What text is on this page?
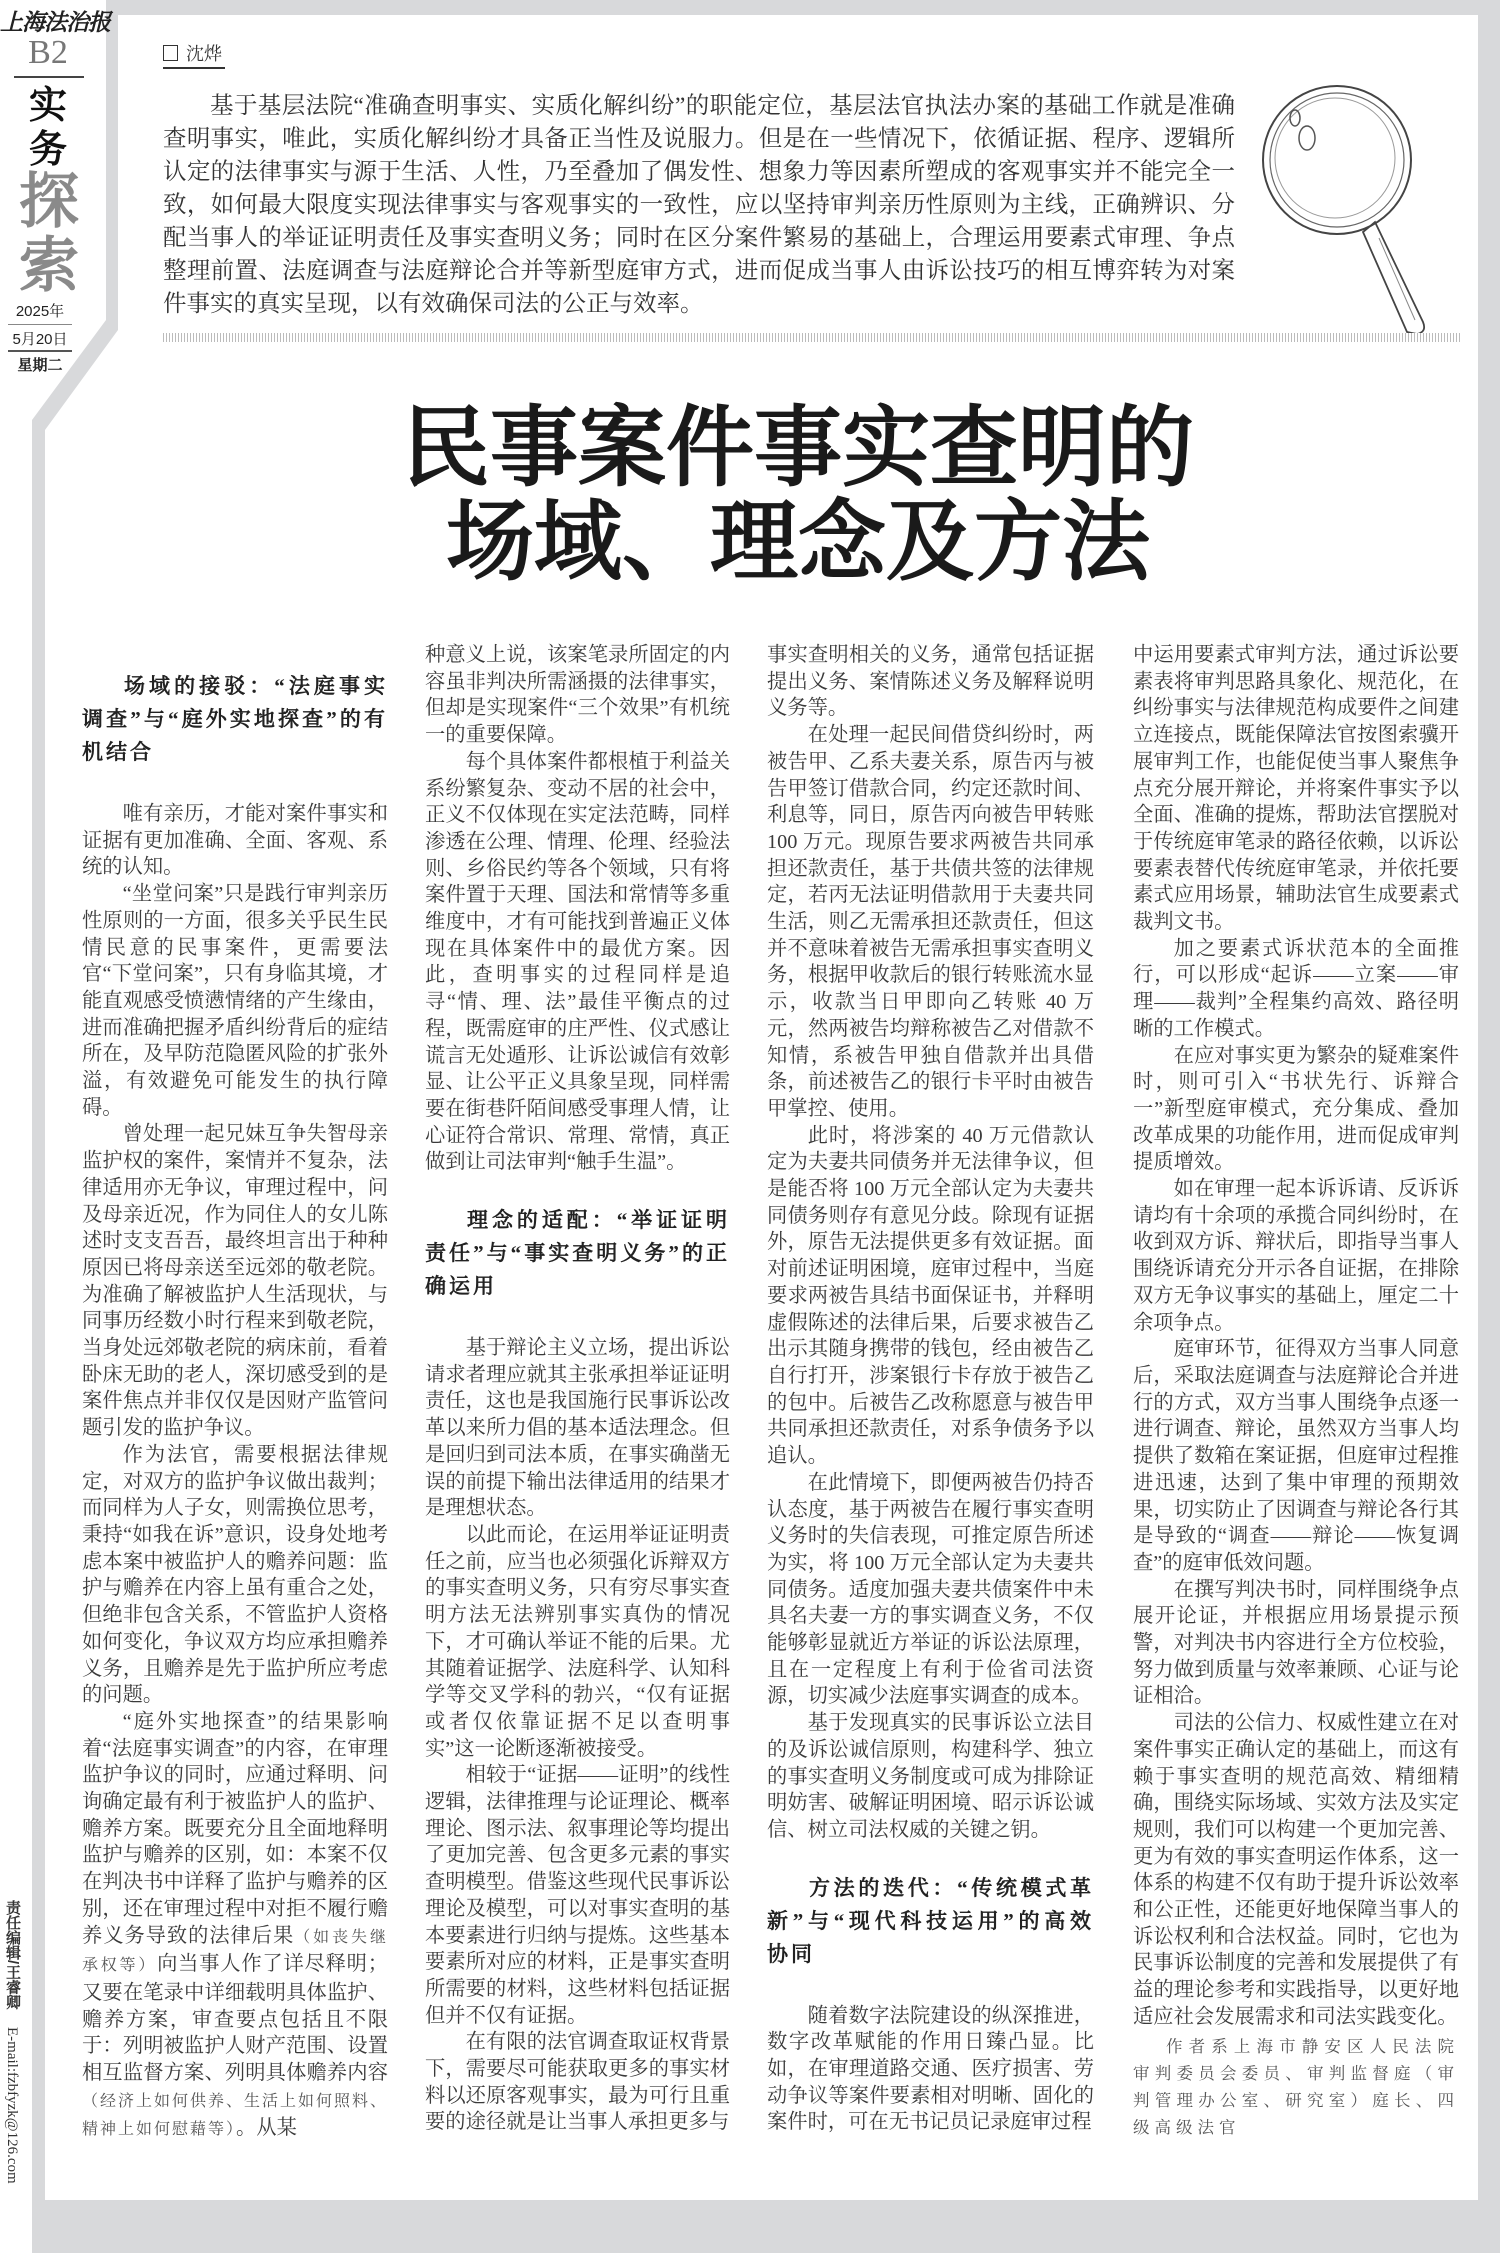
上海法治报
B2
实务
探索
2025年
5月20日
星期二
责任编辑/王睿卿 E-mail:fzbfyzk@126.com
沈烨
基于基层法院“准确查明事实、实质化解纠纷”的职能定位，基层法官执法办案的基础工作就是准确查明事实，唯此，实质化解纠纷才具备正当性及说服力。但是在一些情况下，依循证据、程序、逻辑所认定的法律事实与源于生活、人性，乃至叠加了偶发性、想象力等因素所塑成的客观事实并不能完全一致，如何最大限度实现法律事实与客观事实的一致性，应以坚持审判亲历性原则为主线，正确辨识、分配当事人的举证证明责任及事实查明义务；同时在区分案件繁易的基础上，合理运用要素式审理、争点整理前置、法庭调查与法庭辩论合并等新型庭审方式，进而促成当事人由诉讼技巧的相互博弈转为对案件事实的真实呈现，以有效确保司法的公正与效率。
民事案件事实查明的
场域、理念及方法
场域的接驳：“法庭事实调查”与“庭外实地探查”的有机结合

唯有亲历，才能对案件事实和证据有更加准确、全面、客观、系统的认知。

“坐堂问案”只是践行审判亲历性原则的一方面，很多关乎民生民情民意的民事案件，更需要法官“下堂问案”，只有身临其境，才能直观感受愤懑情绪的产生缘由，进而准确把握矛盾纠纷背后的症结所在，及早防范隐匿风险的扩张外溢，有效避免可能发生的执行障碍。

曾处理一起兄妹互争失智母亲监护权的案件，案情并不复杂，法律适用亦无争议，审理过程中，问及母亲近况，作为同住人的女儿陈述时支支吾吾，最终坦言出于种种原因已将母亲送至远郊的敬老院。为准确了解被监护人生活现状，与同事历经数小时行程来到敬老院，当身处远郊敬老院的病床前，看着卧床无助的老人，深切感受到的是案件焦点并非仅仅是因财产监管问题引发的监护争议。

作为法官，需要根据法律规定，对双方的监护争议做出裁判；而同样为人子女，则需换位思考，秉持“如我在诉”意识，设身处地考虑本案中被监护人的赡养问题：监护与赡养在内容上虽有重合之处，但绝非包含关系，不管监护人资格如何变化，争议双方均应承担赡养义务，且赡养是先于监护所应考虑的问题。

“庭外实地探查”的结果影响着“法庭事实调查”的内容，在审理监护争议的同时，应通过释明、问询确定最有利于被监护人的监护、赡养方案。既要充分且全面地释明监护与赡养的区别，如：本案不仅在判决书中详释了监护与赡养的区别，还在审理过程中对拒不履行赡养义务导致的法律后果（如丧失继承权等）向当事人作了详尽释明；又要在笔录中详细载明具体监护、赡养方案，审查要点包括且不限于：列明被监护人财产范围、设置相互监督方案、列明具体赡养内容（经济上如何供养、生活上如何照料、精神上如何慰藉等）。从某

种意义上说，该案笔录所固定的内容虽非判决所需涵摄的法律事实，但却是实现案件“三个效果”有机统一的重要保障。

每个具体案件都根植于利益关系纷繁复杂、变动不居的社会中，正义不仅体现在实定法范畴，同样渗透在公理、情理、伦理、经验法则、乡俗民约等各个领域，只有将案件置于天理、国法和常情等多重维度中，才有可能找到普遍正义体现在具体案件中的最优方案。因此，查明事实的过程同样是追寻“情、理、法”最佳平衡点的过程，既需庭审的庄严性、仪式感让谎言无处遁形、让诉讼诚信有效彰显、让公平正义具象呈现，同样需要在街巷阡陌间感受事理人情，让心证符合常识、常理、常情，真正做到让司法审判“触手生温”。

理念的适配：“举证证明责任”与“事实查明义务”的正确运用

基于辩论主义立场，提出诉讼请求者理应就其主张承担举证证明责任，这也是我国施行民事诉讼改革以来所力倡的基本适法理念。但是回归到司法本质，在事实确凿无误的前提下输出法律适用的结果才是理想状态。

以此而论，在运用举证证明责任之前，应当也必须强化诉辩双方的事实查明义务，只有穷尽事实查明方法无法辨别事实真伪的情况下，才可确认举证不能的后果。尤其随着证据学、法庭科学、认知科学等交叉学科的勃兴，“仅有证据或者仅依靠证据不足以查明事实”这一论断逐渐被接受。

相较于“证据——证明”的线性逻辑，法律推理与论证理论、概率理论、图示法、叙事理论等均提出了更加完善、包含更多元素的事实查明模型。借鉴这些现代民事诉讼理论及模型，可以对事实查明的基本要素进行归纳与提炼。这些基本要素所对应的材料，正是事实查明所需要的材料，这些材料包括证据但并不仅有证据。

在有限的法官调查取证权背景下，需要尽可能获取更多的事实材料以还原客观事实，最为可行且重要的途径就是让当事人承担更多与

事实查明相关的义务，通常包括证据提出义务、案情陈述义务及解释说明义务等。

在处理一起民间借贷纠纷时，两被告甲、乙系夫妻关系，原告丙与被告甲签订借款合同，约定还款时间、利息等，同日，原告丙向被告甲转账 100 万元。现原告要求两被告共同承担还款责任，基于共债共签的法律规定，若丙无法证明借款用于夫妻共同生活，则乙无需承担还款责任，但这并不意味着被告无需承担事实查明义务，根据甲收款后的银行转账流水显示，收款当日甲即向乙转账 40 万元，然两被告均辩称被告乙对借款不知情，系被告甲独自借款并出具借条，前述被告乙的银行卡平时由被告甲掌控、使用。

此时，将涉案的 40 万元借款认定为夫妻共同债务并无法律争议，但是能否将 100 万元全部认定为夫妻共同债务则存有意见分歧。除现有证据外，原告无法提供更多有效证据。面对前述证明困境，庭审过程中，当庭要求两被告具结书面保证书，并释明虚假陈述的法律后果，后要求被告乙出示其随身携带的钱包，经由被告乙自行打开，涉案银行卡存放于被告乙的包中。后被告乙改称愿意与被告甲共同承担还款责任，对系争债务予以追认。

在此情境下，即便两被告仍持否认态度，基于两被告在履行事实查明义务时的失信表现，可推定原告所述为实，将 100 万元全部认定为夫妻共同债务。适度加强夫妻共债案件中未具名夫妻一方的事实调查义务，不仅能够彰显就近方举证的诉讼法原理，且在一定程度上有利于俭省司法资源，切实减少法庭事实调查的成本。

基于发现真实的民事诉讼立法目的及诉讼诚信原则，构建科学、独立的事实查明义务制度或可成为排除证明妨害、破解证明困境、昭示诉讼诚信、树立司法权威的关键之钥。

方法的迭代：“传统模式革新”与“现代科技运用”的高效协同

随着数字法院建设的纵深推进，数字改革赋能的作用日臻凸显。比如，在审理道路交通、医疗损害、劳动争议等案件要素相对明晰、固化的案件时，可在无书记员记录庭审过程

中运用要素式审判方法，通过诉讼要素表将审判思路具象化、规范化，在纠纷事实与法律规范构成要件之间建立连接点，既能保障法官按图索骥开展审判工作，也能促使当事人聚焦争点充分展开辩论，并将案件事实予以全面、准确的提炼，帮助法官摆脱对于传统庭审笔录的路径依赖，以诉讼要素表替代传统庭审笔录，并依托要素式应用场景，辅助法官生成要素式裁判文书。

加之要素式诉状范本的全面推行，可以形成“起诉——立案——审理——裁判”全程集约高效、路径明晰的工作模式。

在应对事实更为繁杂的疑难案件时，则可引入“书状先行、诉辩合一”新型庭审模式，充分集成、叠加改革成果的功能作用，进而促成审判提质增效。

如在审理一起本诉诉请、反诉诉请均有十余项的承揽合同纠纷时，在收到双方诉、辩状后，即指导当事人围绕诉请充分开示各自证据，在排除双方无争议事实的基础上，厘定二十余项争点。

庭审环节，征得双方当事人同意后，采取法庭调查与法庭辩论合并进行的方式，双方当事人围绕争点逐一进行调查、辩论，虽然双方当事人均提供了数箱在案证据，但庭审过程推进迅速，达到了集中审理的预期效果，切实防止了因调查与辩论各行其是导致的“调查——辩论——恢复调查”的庭审低效问题。

在撰写判决书时，同样围绕争点展开论证，并根据应用场景提示预警，对判决书内容进行全方位校验，努力做到质量与效率兼顾、心证与论证相洽。

司法的公信力、权威性建立在对案件事实正确认定的基础上，而这有赖于事实查明的规范高效、精细精确，围绕实际场域、实效方法及实定规则，我们可以构建一个更加完善、更为有效的事实查明运作体系，这一体系的构建不仅有助于提升诉讼效率和公正性，还能更好地保障当事人的诉讼权利和合法权益。同时，它也为民事诉讼制度的完善和发展提供了有益的理论参考和实践指导，以更好地适应社会发展需求和司法实践变化。

作者系上海市静安区人民法院审判委员会委员、审判监督庭（审判管理办公室、研究室）庭长、四级高级法官
